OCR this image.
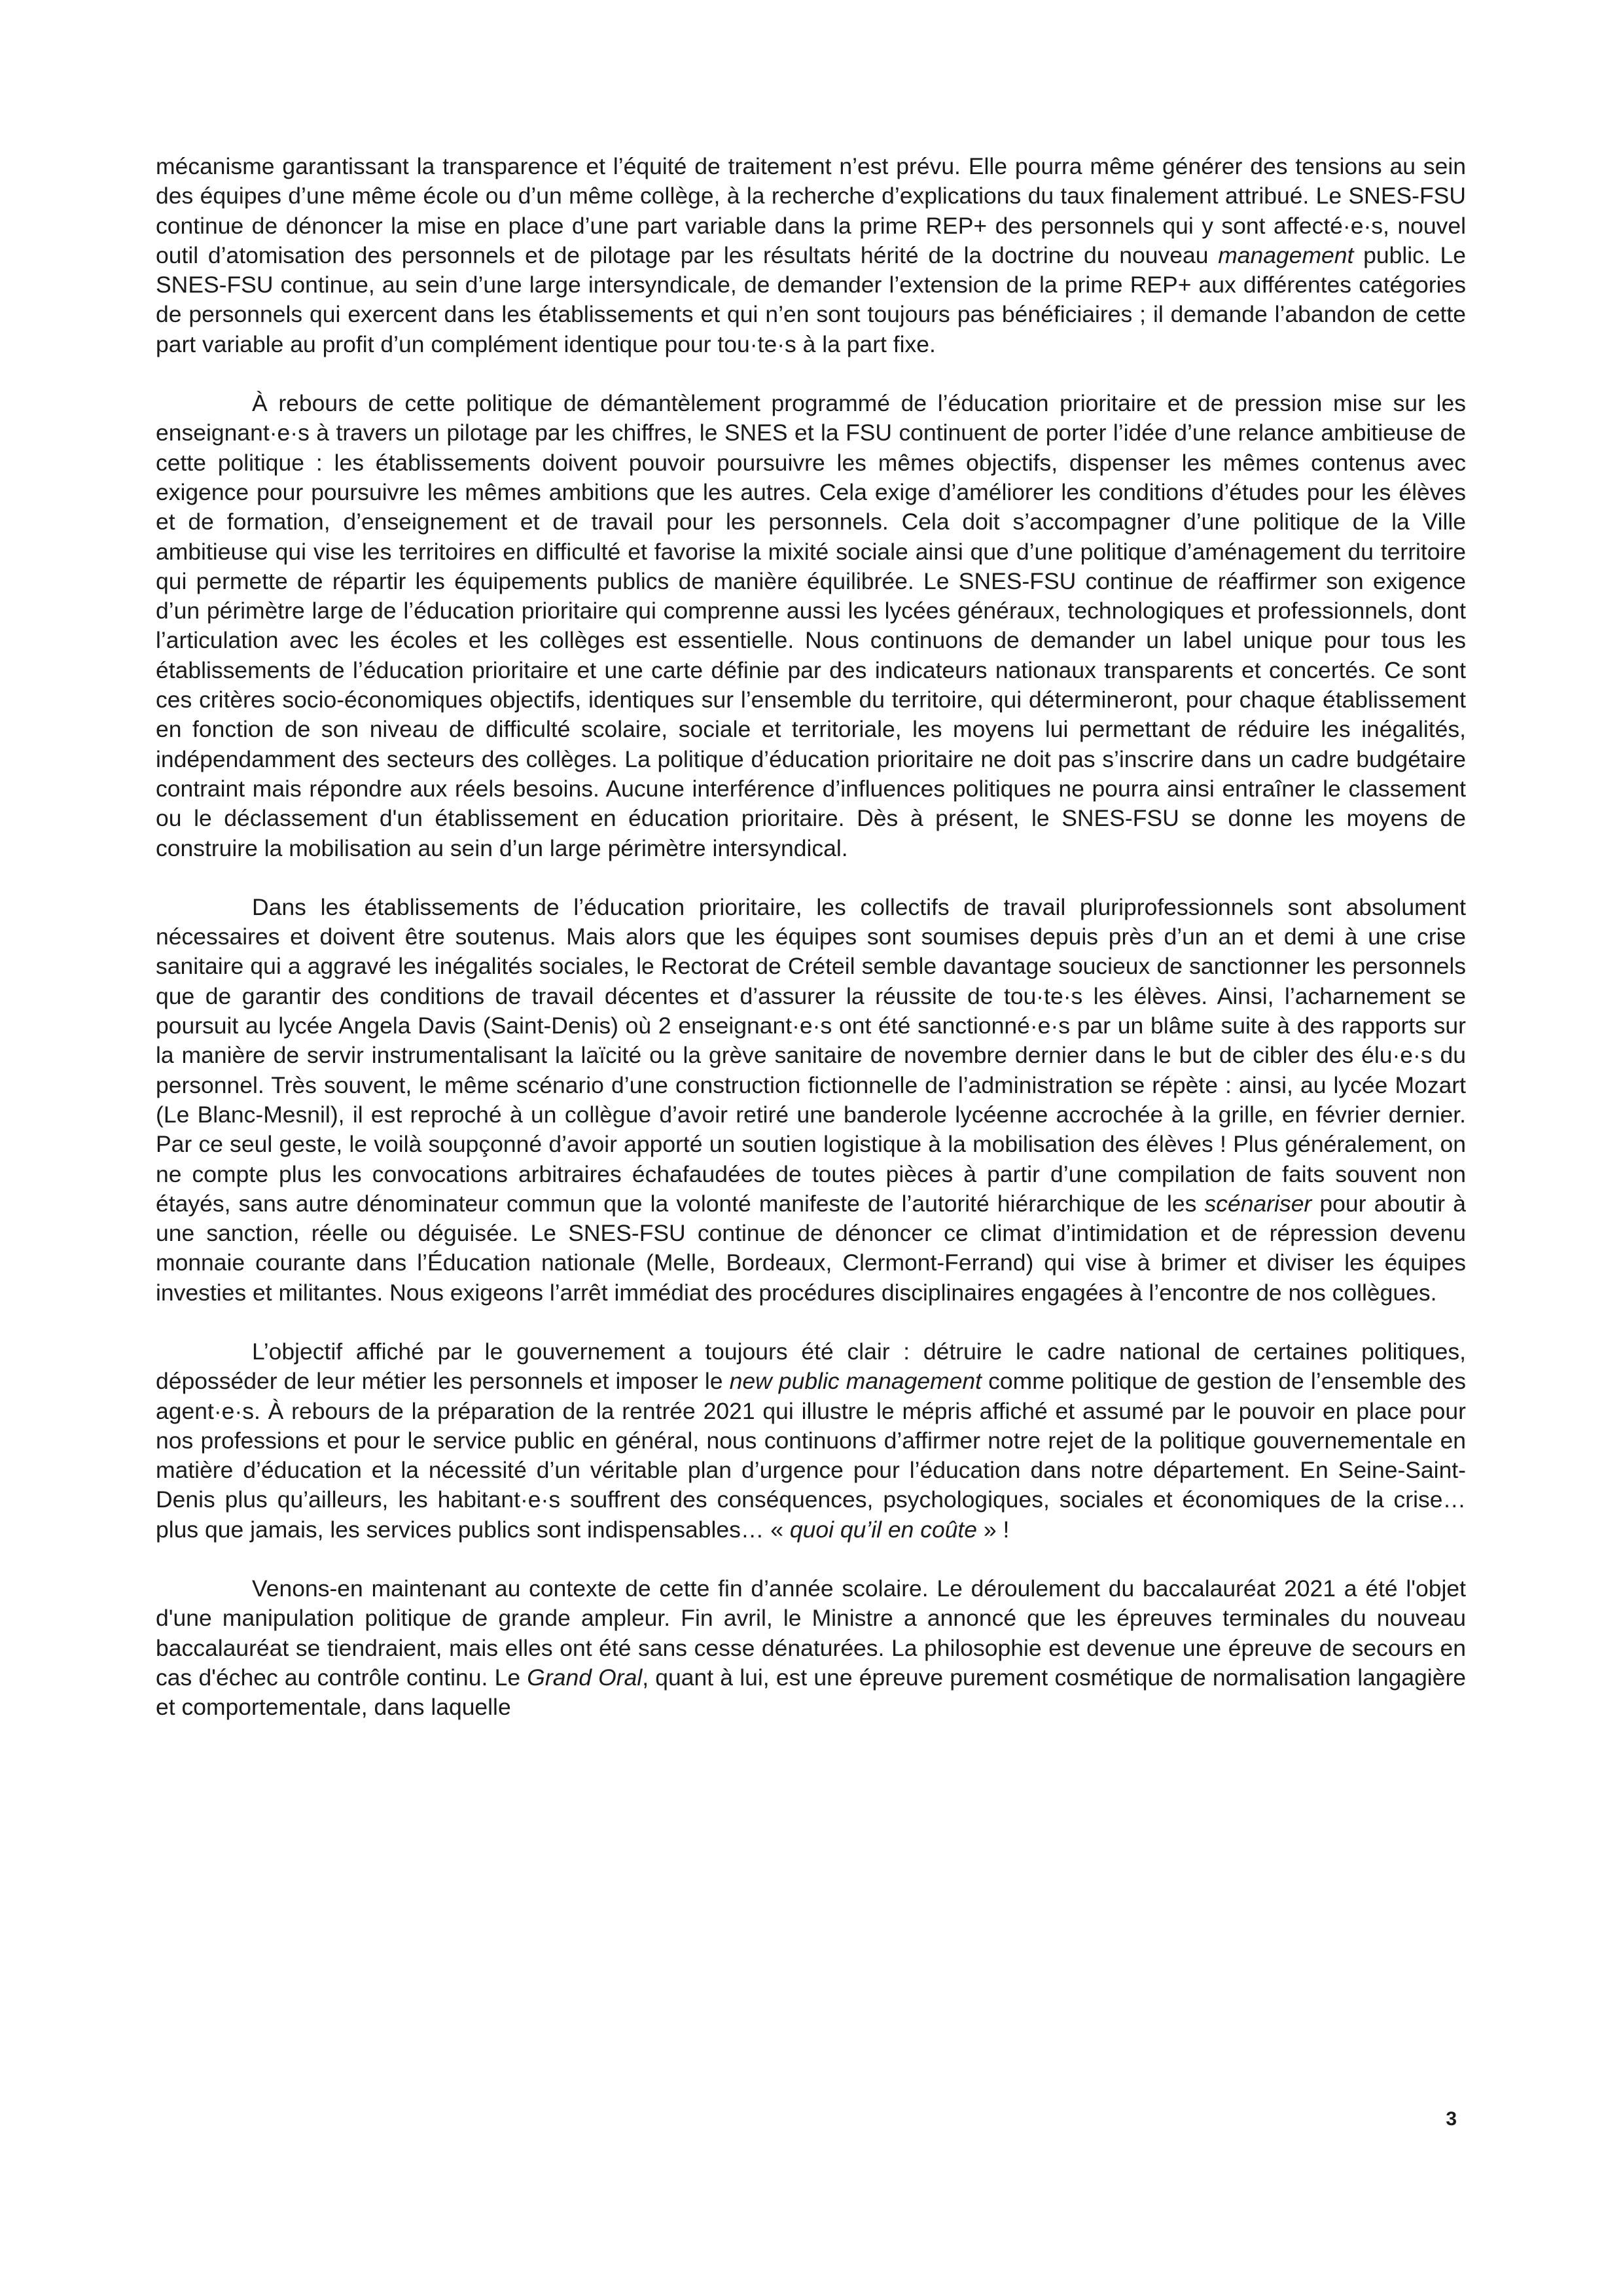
mécanisme garantissant la transparence et l’équité de traitement n’est prévu. Elle pourra même générer des tensions au sein des équipes d’une même école ou d’un même collège, à la recherche d’explications du taux finalement attribué. Le SNES-FSU continue de dénoncer la mise en place d’une part variable dans la prime REP+ des personnels qui y sont affecté·e·s, nouvel outil d’atomisation des personnels et de pilotage par les résultats hérité de la doctrine du nouveau management public. Le SNES-FSU continue, au sein d’une large intersyndicale, de demander l’extension de la prime REP+ aux différentes catégories de personnels qui exercent dans les établissements et qui n’en sont toujours pas bénéficiaires ; il demande l’abandon de cette part variable au profit d’un complément identique pour tou·te·s à la part fixe.

À rebours de cette politique de démantèlement programmé de l’éducation prioritaire et de pression mise sur les enseignant·e·s à travers un pilotage par les chiffres, le SNES et la FSU continuent de porter l’idée d’une relance ambitieuse de cette politique : les établissements doivent pouvoir poursuivre les mêmes objectifs, dispenser les mêmes contenus avec exigence pour poursuivre les mêmes ambitions que les autres. Cela exige d’améliorer les conditions d’études pour les élèves et de formation, d’enseignement et de travail pour les personnels. Cela doit s’accompagner d’une politique de la Ville ambitieuse qui vise les territoires en difficulté et favorise la mixité sociale ainsi que d’une politique d’aménagement du territoire qui permette de répartir les équipements publics de manière équilibrée. Le SNES-FSU continue de réaffirmer son exigence d’un périmètre large de l’éducation prioritaire qui comprenne aussi les lycées généraux, technologiques et professionnels, dont l’articulation avec les écoles et les collèges est essentielle. Nous continuons de demander un label unique pour tous les établissements de l’éducation prioritaire et une carte définie par des indicateurs nationaux transparents et concertés. Ce sont ces critères socio-économiques objectifs, identiques sur l’ensemble du territoire, qui détermineront, pour chaque établissement en fonction de son niveau de difficulté scolaire, sociale et territoriale, les moyens lui permettant de réduire les inégalités, indépendamment des secteurs des collèges. La politique d’éducation prioritaire ne doit pas s’inscrire dans un cadre budgétaire contraint mais répondre aux réels besoins. Aucune interférence d’influences politiques ne pourra ainsi entraîner le classement ou le déclassement d'un établissement en éducation prioritaire. Dès à présent, le SNES-FSU se donne les moyens de construire la mobilisation au sein d’un large périmètre intersyndical.

Dans les établissements de l’éducation prioritaire, les collectifs de travail pluriprofessionnels sont absolument nécessaires et doivent être soutenus. Mais alors que les équipes sont soumises depuis près d’un an et demi à une crise sanitaire qui a aggravé les inégalités sociales, le Rectorat de Créteil semble davantage soucieux de sanctionner les personnels que de garantir des conditions de travail décentes et d’assurer la réussite de tou·te·s les élèves. Ainsi, l’acharnement se poursuit au lycée Angela Davis (Saint-Denis) où 2 enseignant·e·s ont été sanctionné·e·s par un blâme suite à des rapports sur la manière de servir instrumentalisant la laïcité ou la grève sanitaire de novembre dernier dans le but de cibler des élu·e·s du personnel. Très souvent, le même scénario d’une construction fictionnelle de l’administration se répète : ainsi, au lycée Mozart (Le Blanc-Mesnil), il est reproché à un collègue d’avoir retiré une banderole lycéenne accrochée à la grille, en février dernier. Par ce seul geste, le voilà soupçonné d’avoir apporté un soutien logistique à la mobilisation des élèves ! Plus généralement, on ne compte plus les convocations arbitraires échafaudées de toutes pièces à partir d’une compilation de faits souvent non étayés, sans autre dénominateur commun que la volonté manifeste de l’autorité hiérarchique de les scénariser pour aboutir à une sanction, réelle ou déguisée. Le SNES-FSU continue de dénoncer ce climat d’intimidation et de répression devenu monnaie courante dans l’Éducation nationale (Melle, Bordeaux, Clermont-Ferrand) qui vise à brimer et diviser les équipes investies et militantes. Nous exigeons l’arrêt immédiat des procédures disciplinaires engagées à l’encontre de nos collègues.

L’objectif affiché par le gouvernement a toujours été clair : détruire le cadre national de certaines politiques, déposséder de leur métier les personnels et imposer le new public management comme politique de gestion de l’ensemble des agent·e·s. À rebours de la préparation de la rentrée 2021 qui illustre le mépris affiché et assumé par le pouvoir en place pour nos professions et pour le service public en général, nous continuons d’affirmer notre rejet de la politique gouvernementale en matière d’éducation et la nécessité d’un véritable plan d’urgence pour l’éducation dans notre département. En Seine-Saint-Denis plus qu’ailleurs, les habitant·e·s souffrent des conséquences, psychologiques, sociales et économiques de la crise… plus que jamais, les services publics sont indispensables… « quoi qu’il en coûte » !

Venons-en maintenant au contexte de cette fin d’année scolaire. Le déroulement du baccalauréat 2021 a été l'objet d'une manipulation politique de grande ampleur. Fin avril, le Ministre a annoncé que les épreuves terminales du nouveau baccalauréat se tiendraient, mais elles ont été sans cesse dénaturées. La philosophie est devenue une épreuve de secours en cas d'échec au contrôle continu. Le Grand Oral, quant à lui, est une épreuve purement cosmétique de normalisation langagière et comportementale, dans laquelle

3
